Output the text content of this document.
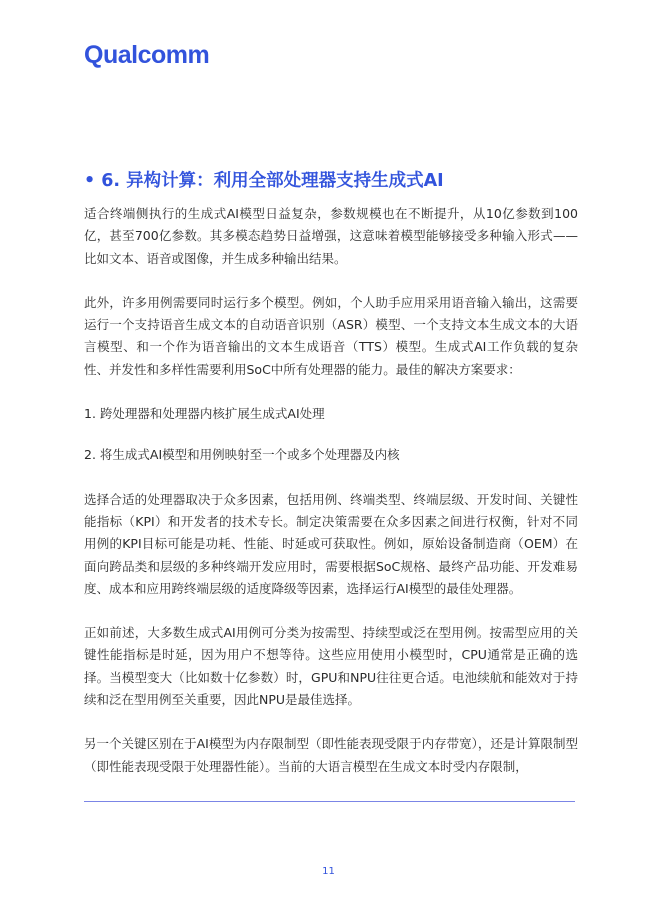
Qualcomm
• 6. 异构计算：利用全部处理器支持生成式AI

适合终端侧执行的生成式AI模型日益复杂，参数规模也在不断提升，从10亿参数到100亿，甚至700亿参数。其多模态趋势日益增强，这意味着模型能够接受多种输入形式——比如文本、语音或图像，并生成多种输出结果。

此外，许多用例需要同时运行多个模型。例如，个人助手应用采用语音输入输出，这需要运行一个支持语音生成文本的自动语音识别（ASR）模型、一个支持文本生成文本的大语言模型、和一个作为语音输出的文本生成语音（TTS）模型。生成式AI工作负载的复杂性、并发性和多样性需要利用SoC中所有处理器的能力。最佳的解决方案要求：

1. 跨处理器和处理器内核扩展生成式AI处理

2. 将生成式AI模型和用例映射至一个或多个处理器及内核

选择合适的处理器取决于众多因素，包括用例、终端类型、终端层级、开发时间、关键性能指标（KPI）和开发者的技术专长。制定决策需要在众多因素之间进行权衡，针对不同用例的KPI目标可能是功耗、性能、时延或可获取性。例如，原始设备制造商（OEM）在面向跨品类和层级的多种终端开发应用时，需要根据SoC规格、最终产品功能、开发难易度、成本和应用跨终端层级的适度降级等因素，选择运行AI模型的最佳处理器。

正如前述，大多数生成式AI用例可分类为按需型、持续型或泛在型用例。按需型应用的关键性能指标是时延，因为用户不想等待。这些应用使用小模型时，CPU通常是正确的选择。当模型变大（比如数十亿参数）时，GPU和NPU往往更合适。电池续航和能效对于持续和泛在型用例至关重要，因此NPU是最佳选择。

另一个关键区别在于AI模型为内存限制型（即性能表现受限于内存带宽），还是计算限制型（即性能表现受限于处理器性能）。当前的大语言模型在生成文本时受内存限制，

11
